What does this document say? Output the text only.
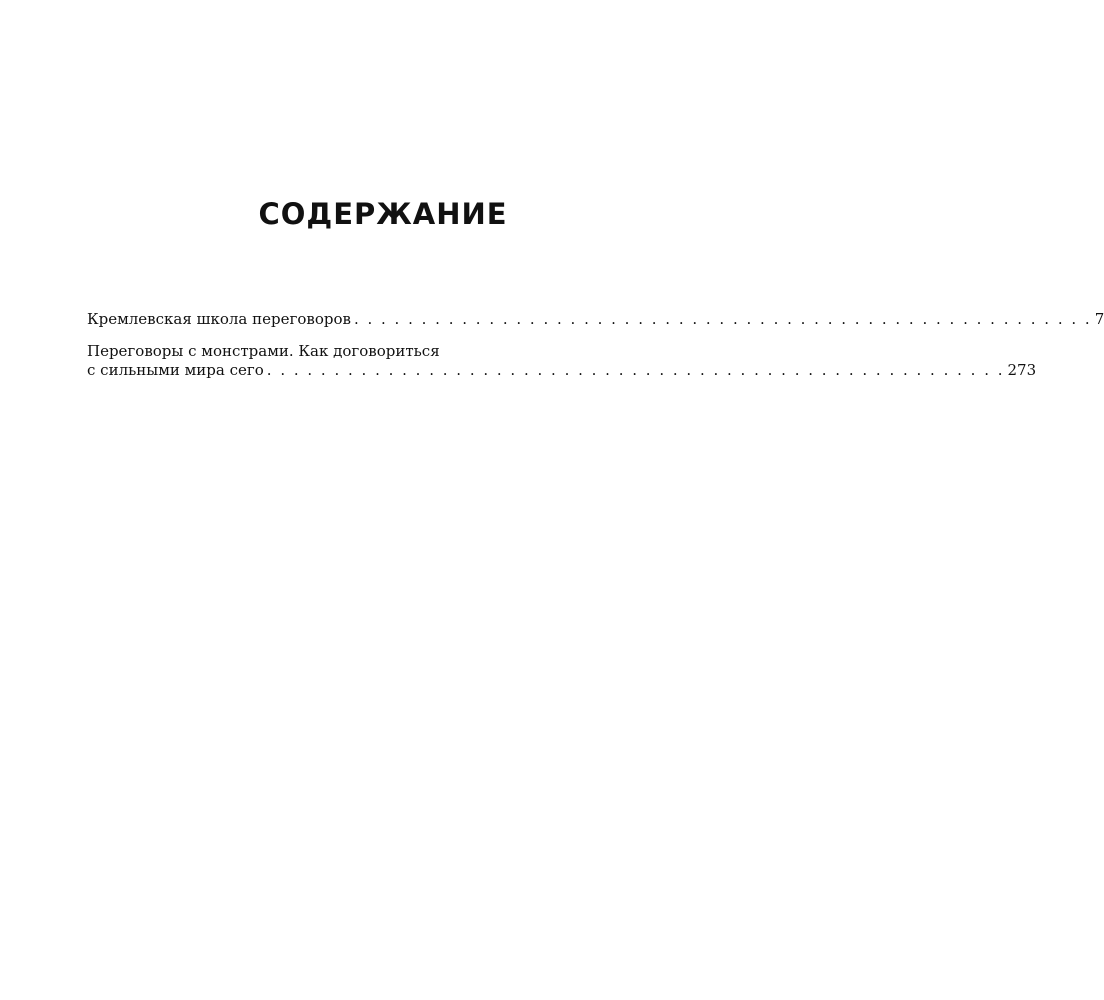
СОДЕРЖАНИЕ
Кремлевская школа переговоров . . . . . . . . . . . . . . . . . . . . . . . . . . . . . . . . . . . . . . . . . . . . . . . . . . . . . . . 7
Переговоры с монстрами. Как договориться
с сильными мира сего . . . . . . . . . . . . . . . . . . . . . . . . . . . . . . . . . . . . . . . . . . . . . . . . . . . . . . . 273
